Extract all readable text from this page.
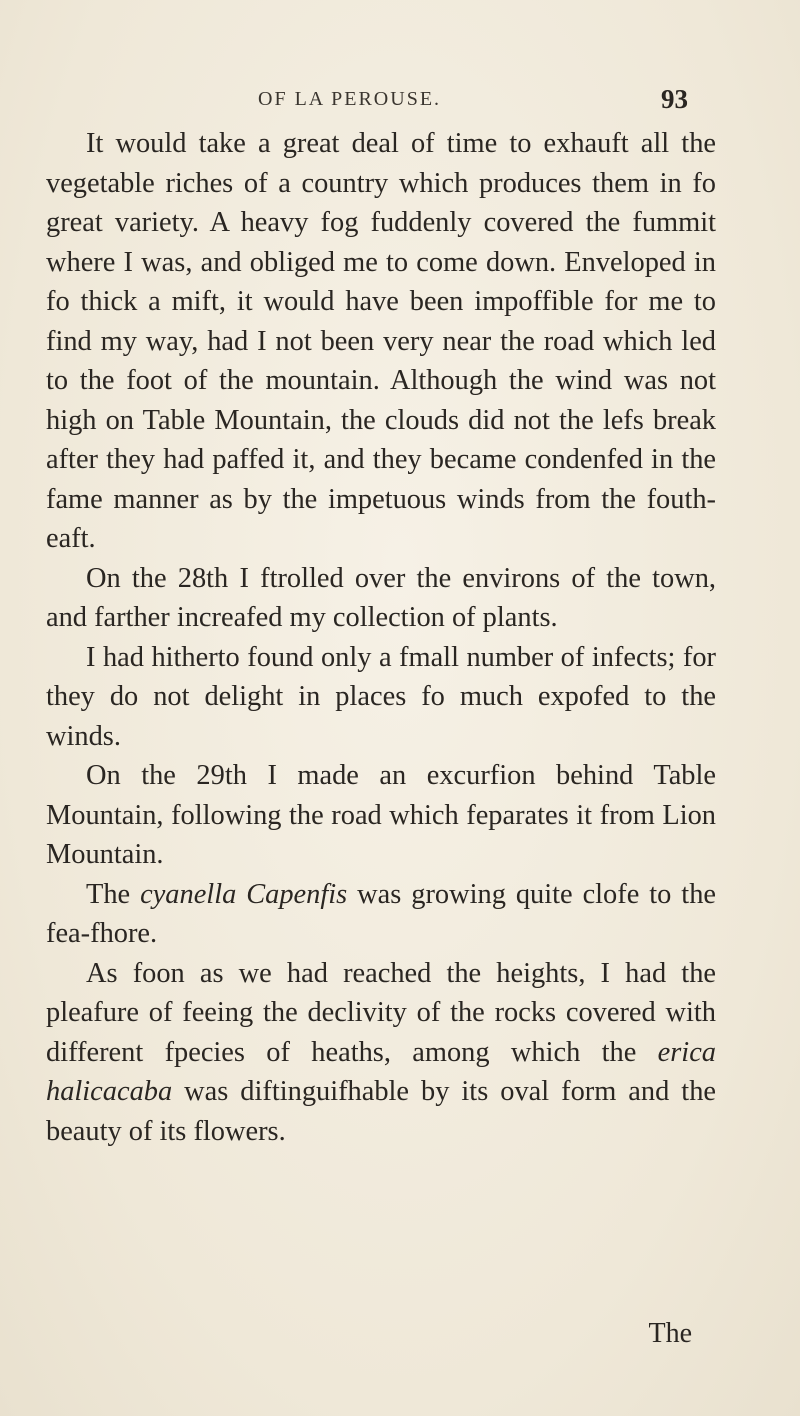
OF LA PEROUSE.	93

It would take a great deal of time to exhauft all the vegetable riches of a country which produces them in fo great variety. A heavy fog fuddenly covered the fummit where I was, and obliged me to come down. Enveloped in fo thick a mift, it would have been impoffible for me to find my way, had I not been very near the road which led to the foot of the mountain. Although the wind was not high on Table Mountain, the clouds did not the lefs break after they had paffed it, and they became condenfed in the fame manner as by the impetuous winds from the fouth-eaft.

On the 28th I ftrolled over the environs of the town, and farther increafed my collection of plants.

I had hitherto found only a fmall number of infects; for they do not delight in places fo much expofed to the winds.

On the 29th I made an excurfion behind Table Mountain, following the road which feparates it from Lion Mountain.

The cyanella Capenfis was growing quite clofe to the fea-fhore.

As foon as we had reached the heights, I had the pleafure of feeing the declivity of the rocks covered with different fpecies of heaths, among which the erica halicacaba was diftinguifhable by its oval form and the beauty of its flowers.

The
